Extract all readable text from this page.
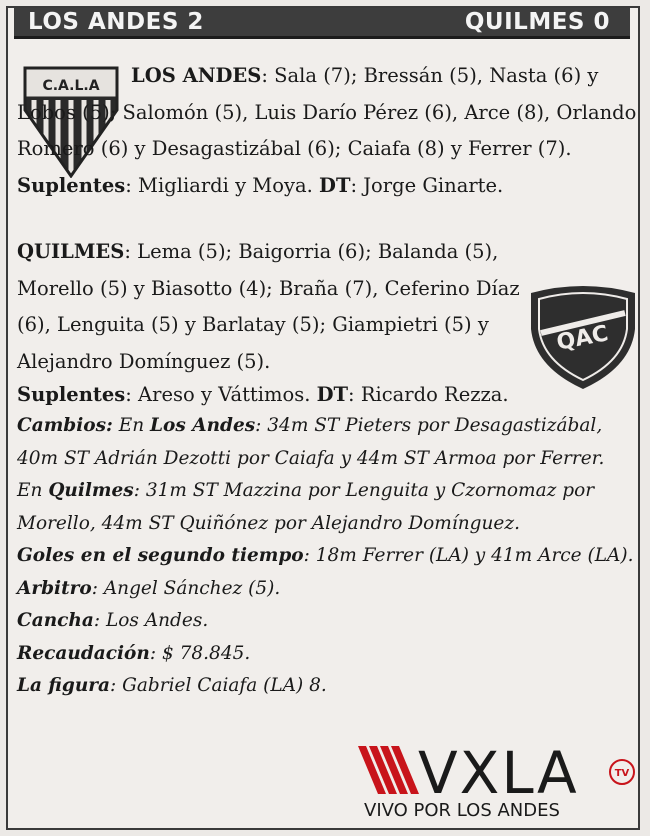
LOS ANDES 2	QUILMES 0
C.A.L.A
QAC

LOS ANDES: Sala (7); Bressán (5), Nasta (6) y Lobos (5); Salomón (5), Luis Darío Pérez (6), Arce (8), Orlando Romero (6) y Desagastizábal (6); Caiafa (8) y Ferrer (7). Suplentes: Migliardi y Moya. DT: Jorge Ginarte.

QUILMES: Lema (5); Baigorria (6); Balanda (5), Morello (5) y Biasotto (4); Braña (7), Ceferino Díaz (6), Lenguita (5) y Barlatay (5); Giampietri (5) y Alejandro Domínguez (5).

Suplentes: Areso y Váttimos. DT: Ricardo Rezza.

Cambios: En Los Andes: 34m ST Pieters por Desagastizábal, 40m ST Adrián Dezotti por Caiafa y 44m ST Armoa por Ferrer.

En Quilmes: 31m ST Mazzina por Lenguita y Czornomaz por Morello, 44m ST Quiñónez por Alejandro Domínguez.

Goles en el segundo tiempo: 18m Ferrer (LA) y 41m Arce (LA).

Arbitro: Angel Sánchez (5).

Cancha: Los Andes.

Recaudación: $ 78.845.

La figura: Gabriel Caiafa (LA) 8.

VXLA	TV
VIVO POR LOS ANDES
